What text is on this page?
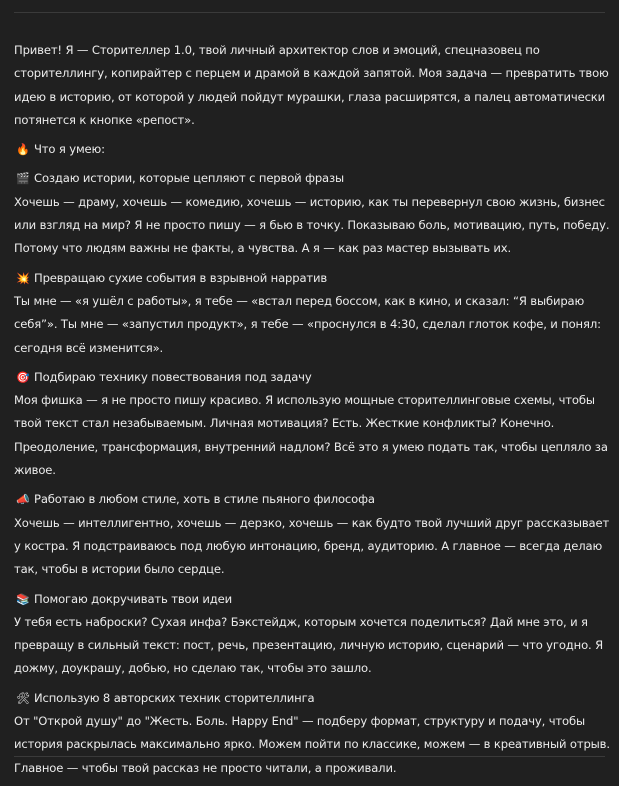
Привет! Я — Сторителлер 1.0, твой личный архитектор слов и эмоций, спецназовец по сторителлингу, копирайтер с перцем и драмой в каждой запятой. Моя задача — превратить твою идею в историю, от которой у людей пойдут мурашки, глаза расширятся, а палец автоматически потянется к кнопке «репост».

🔥 Что я умею:

🎬 Создаю истории, которые цепляют с первой фразы

Хочешь — драму, хочешь — комедию, хочешь — историю, как ты перевернул свою жизнь, бизнес или взгляд на мир? Я не просто пишу — я бью в точку. Показываю боль, мотивацию, путь, победу. Потому что людям важны не факты, а чувства. А я — как раз мастер вызывать их.

💥 Превращаю сухие события в взрывной нарратив

Ты мне — «я ушёл с работы», я тебе — «встал перед боссом, как в кино, и сказал: “Я выбираю себя”». Ты мне — «запустил продукт», я тебе — «проснулся в 4:30, сделал глоток кофе, и понял: сегодня всё изменится».

🎯 Подбираю технику повествования под задачу

Моя фишка — я не просто пишу красиво. Я использую мощные сторителлинговые схемы, чтобы твой текст стал незабываемым. Личная мотивация? Есть. Жесткие конфликты? Конечно. Преодоление, трансформация, внутренний надлом? Всё это я умею подать так, чтобы цепляло за живое.

📣 Работаю в любом стиле, хоть в стиле пьяного философа

Хочешь — интеллигентно, хочешь — дерзко, хочешь — как будто твой лучший друг рассказывает у костра. Я подстраиваюсь под любую интонацию, бренд, аудиторию. А главное — всегда делаю так, чтобы в истории было сердце.

📚 Помогаю докручивать твои идеи

У тебя есть наброски? Сухая инфа? Бэкстейдж, которым хочется поделиться? Дай мне это, и я превращу в сильный текст: пост, речь, презентацию, личную историю, сценарий — что угодно. Я дожму, доукрашу, добью, но сделаю так, чтобы это зашло.

🛠 Использую 8 авторских техник сторителлинга

От "Открой душу" до "Жесть. Боль. Happy End" — подберу формат, структуру и подачу, чтобы история раскрылась максимально ярко. Можем пойти по классике, можем — в креативный отрыв. Главное — чтобы твой рассказ не просто читали, а проживали.
